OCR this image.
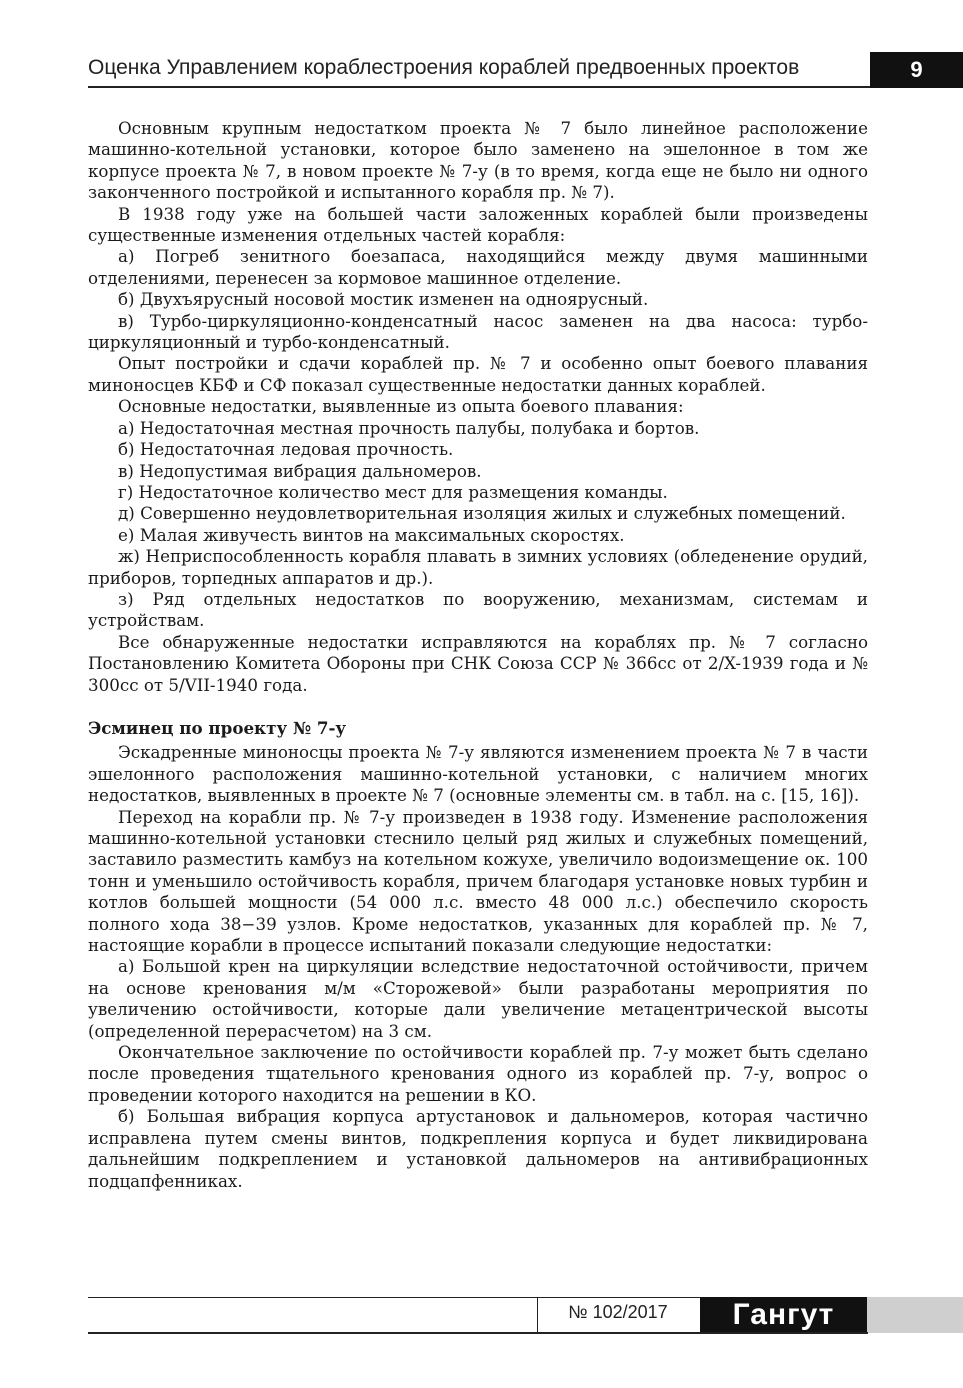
Оценка Управлением кораблестроения кораблей предвоенных проектов	9

Основным крупным недостатком проекта № 7 было линейное расположение машинно-котельной установки, которое было заменено на эшелонное в том же корпусе проекта № 7, в новом проекте № 7-у (в то время, когда еще не было ни одного законченного постройкой и испытанного корабля пр. № 7).

В 1938 году уже на большей части заложенных кораблей были произведены существенные изменения отдельных частей корабля:

а) Погреб зенитного боезапаса, находящийся между двумя машинными отделениями, перенесен за кормовое машинное отделение.

б) Двухъярусный носовой мостик изменен на одноярусный.

в) Турбо-циркуляционно-конденсатный насос заменен на два насоса: турбо-циркуляционный и турбо-конденсатный.

Опыт постройки и сдачи кораблей пр. № 7 и особенно опыт боевого плавания миноносцев КБФ и СФ показал существенные недостатки данных кораблей.

Основные недостатки, выявленные из опыта боевого плавания:

а) Недостаточная местная прочность палубы, полубака и бортов.

б) Недостаточная ледовая прочность.

в) Недопустимая вибрация дальномеров.

г) Недостаточное количество мест для размещения команды.

д) Совершенно неудовлетворительная изоляция жилых и служебных помещений.

е) Малая живучесть винтов на максимальных скоростях.

ж) Неприспособленность корабля плавать в зимних условиях (обледенение орудий, приборов, торпедных аппаратов и др.).

з) Ряд отдельных недостатков по вооружению, механизмам, системам и устройствам.

Все обнаруженные недостатки исправляются на кораблях пр. № 7 согласно Постановлению Комитета Обороны при СНК Союза ССР № 366сс от 2/X-1939 года и № 300сс от 5/VII-1940 года.

Эсминец по проекту № 7-у

Эскадренные миноносцы проекта № 7-у являются изменением проекта № 7 в части эшелонного расположения машинно-котельной установки, с наличием многих недостатков, выявленных в проекте № 7 (основные элементы см. в табл. на с. [15, 16]).

Переход на корабли пр. № 7-у произведен в 1938 году. Изменение расположения машинно-котельной установки стеснило целый ряд жилых и служебных помещений, заставило разместить камбуз на котельном кожухе, увеличило водоизмещение ок. 100 тонн и уменьшило остойчивость корабля, причем благодаря установке новых турбин и котлов большей мощности (54 000 л.с. вместо 48 000 л.с.) обеспечило скорость полного хода 38−39 узлов. Кроме недостатков, указанных для кораблей пр. № 7, настоящие корабли в процессе испытаний показали следующие недостатки:

а) Большой крен на циркуляции вследствие недостаточной остойчивости, причем на основе кренования м/м «Сторожевой» были разработаны мероприятия по увеличению остойчивости, которые дали увеличение метацентрической высоты (определенной перерасчетом) на 3 см.

Окончательное заключение по остойчивости кораблей пр. 7-у может быть сделано после проведения тщательного кренования одного из кораблей пр. 7-у, вопрос о проведении которого находится на решении в КО.

б) Большая вибрация корпуса артустановок и дальномеров, которая частично исправлена путем смены винтов, подкрепления корпуса и будет ликвидирована дальнейшим подкреплением и установкой дальномеров на антивибрационных подцапфенниках.

№ 102/2017	Гангут
